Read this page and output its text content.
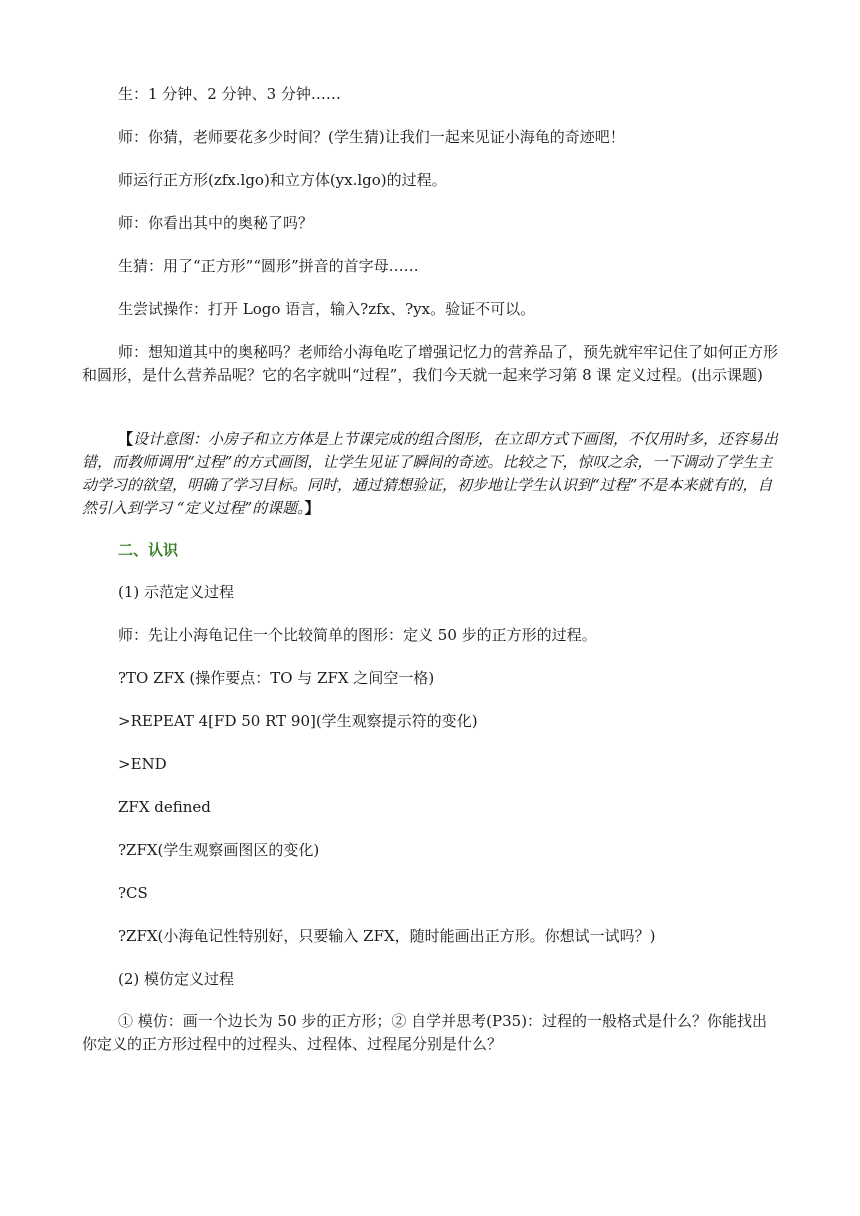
生：1 分钟、2 分钟、3 分钟……

师：你猜，老师要花多少时间？(学生猜)让我们一起来见证小海龟的奇迹吧！

师运行正方形(zfx.lgo)和立方体(yx.lgo)的过程。

师：你看出其中的奥秘了吗？

生猜：用了“正方形”“圆形”拼音的首字母……

生尝试操作：打开 Logo 语言，输入?zfx、?yx。验证不可以。

师：想知道其中的奥秘吗？老师给小海龟吃了增强记忆力的营养品了，预先就牢牢记住了如何正方形和圆形，是什么营养品呢？它的名字就叫“过程”，我们今天就一起来学习第 8 课 定义过程。(出示课题)

【设计意图：小房子和立方体是上节课完成的组合图形，在立即方式下画图，不仅用时多，还容易出错，而教师调用“过程”的方式画图，让学生见证了瞬间的奇迹。比较之下，惊叹之余，一下调动了学生主动学习的欲望，明确了学习目标。同时，通过猜想验证，初步地让学生认识到“过程”不是本来就有的，自然引入到学习 “定义过程”的课题。】

二、认识

(1) 示范定义过程

师：先让小海龟记住一个比较简单的图形：定义 50 步的正方形的过程。

?TO ZFX (操作要点：TO 与 ZFX 之间空一格)

>REPEAT 4[FD 50 RT 90](学生观察提示符的变化)

>END

ZFX defined

?ZFX(学生观察画图区的变化)

?CS

?ZFX(小海龟记性特别好，只要输入 ZFX，随时能画出正方形。你想试一试吗？)

(2) 模仿定义过程

① 模仿：画一个边长为 50 步的正方形；② 自学并思考(P35)：过程的一般格式是什么？你能找出你定义的正方形过程中的过程头、过程体、过程尾分别是什么？
